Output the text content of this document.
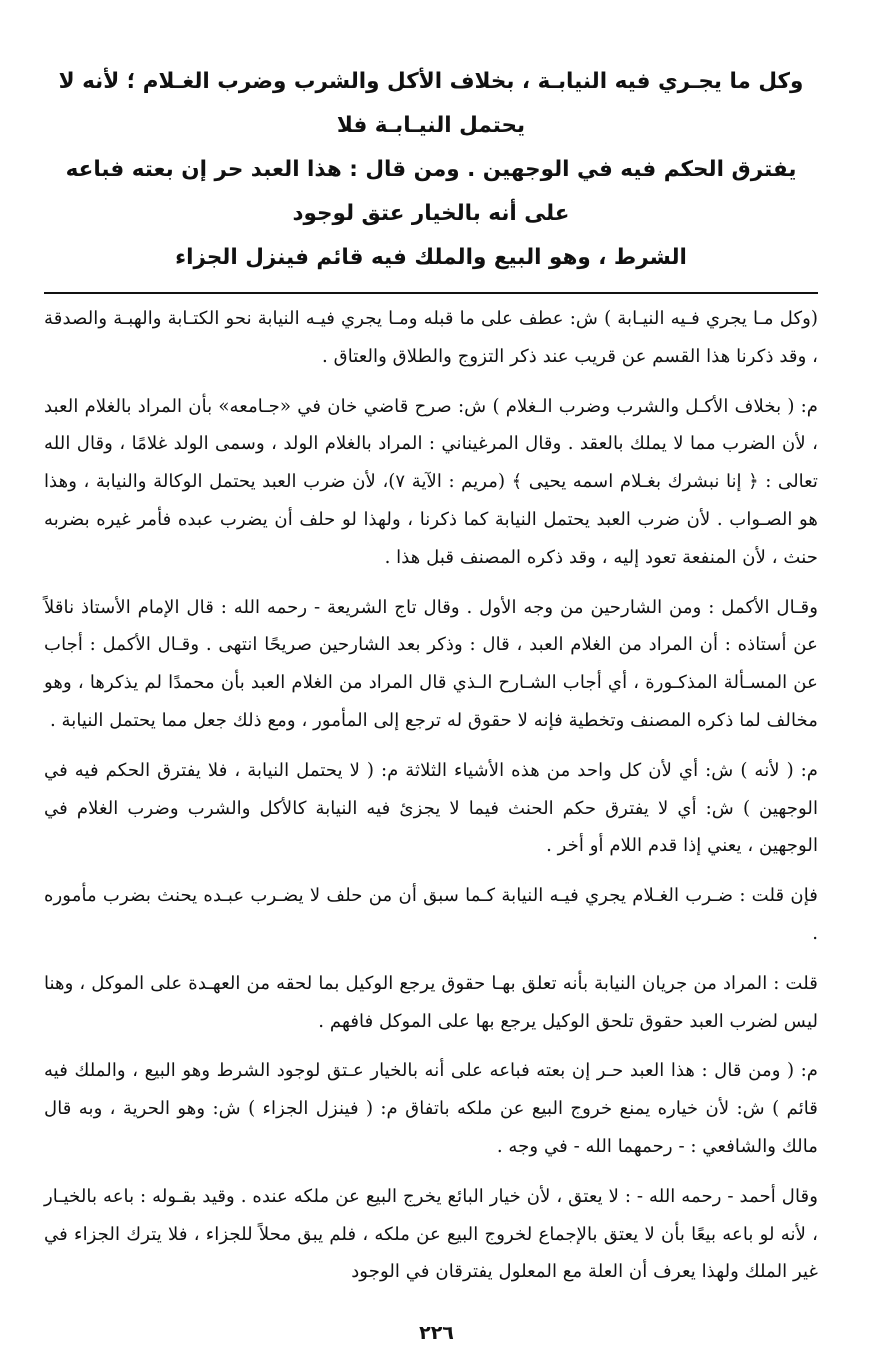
وكل ما يجـري فيه النيابـة ، بخلاف الأكل والشرب وضرب الغـلام ؛ لأنه لا يحتمل النيـابـة فلا

يفترق الحكم فيه في الوجهين . ومن قال : هذا العبد حر إن بعته فباعه على أنه بالخيار عتق لوجود

الشرط ، وهو البيع والملك فيه قائم فينزل الجزاء

(وكل مـا يجري فـيه النيـابة ) ش: عطف على ما قبله ومـا يجري فيـه النيابة نحو الكتـابة والهبـة والصدقة ، وقد ذكرنا هذا القسم عن قريب عند ذكر التزوج والطلاق والعتاق .

م: ( بخلاف الأكـل والشرب وضرب الـغلام ) ش: صرح قاضي خان في «جـامعه» بأن المراد بالغلام العبد ، لأن الضرب مما لا يملك بالعقد . وقال المرغيناني : المراد بالغلام الولد ، وسمى الولد غلامًا ، وقال الله تعالى : ﴿ إنا نبشرك بغـلام اسمه يحيى ﴾ (مريم : الآية ٧)، لأن ضرب العبد يحتمل الوكالة والنيابة ، وهذا هو الصـواب . لأن ضرب العبد يحتمل النيابة كما ذكرنا ، ولهذا لو حلف أن يضرب عبده فأمر غيره بضربه حنث ، لأن المنفعة تعود إليه ، وقد ذكره المصنف قبل هذا .

وقـال الأكمل : ومن الشارحين من وجه الأول . وقال تاج الشريعة - رحمه الله : قال الإمام الأستاذ ناقلاً عن أستاذه : أن المراد من الغلام العبد ، قال : وذكر بعد الشارحين صريحًا انتهى . وقـال الأكمل : أجاب عن المسـألة المذكـورة ، أي أجاب الشـارح الـذي قال المراد من الغلام العبد بأن محمدًا لم يذكرها ، وهو مخالف لما ذكره المصنف وتخطية فإنه لا حقوق له ترجع إلى المأمور ، ومع ذلك جعل مما يحتمل النيابة .

م: ( لأنه ) ش: أي لأن كل واحد من هذه الأشياء الثلاثة م: ( لا يحتمل النيابة ، فلا يفترق الحكم فيه في الوجهين ) ش: أي لا يفترق حكم الحنث فيما لا يجزئ فيه النيابة كالأكل والشرب وضرب الغلام في الوجهين ، يعني إذا قدم اللام أو أخر .

فإن قلت : ضـرب الغـلام يجري فيـه النيابة كـما سبق أن من حلف لا يضـرب عبـده يحنث بضرب مأموره .

قلت : المراد من جريان النيابة بأنه تعلق بهـا حقوق يرجع الوكيل بما لحقه من العهـدة على الموكل ، وهنا ليس لضرب العبد حقوق تلحق الوكيل يرجع بها على الموكل فافهم .

م: ( ومن قال : هذا العبد حـر إن بعته فباعه على أنه بالخيار عـتق لوجود الشرط وهو البيع ، والملك فيه قائم ) ش: لأن خياره يمنع خروج البيع عن ملكه باتفاق م: ( فينزل الجزاء ) ش: وهو الحرية ، وبه قال مالك والشافعي : - رحمهما الله - في وجه .

وقال أحمد - رحمه الله - : لا يعتق ، لأن خيار البائع يخرج البيع عن ملكه عنده . وقيد بقـوله : باعه بالخيـار ، لأنه لو باعه بيعًا بأن لا يعتق بالإجماع لخروج البيع عن ملكه ، فلم يبق محلاً للجزاء ، فلا يترك الجزاء في غير الملك ولهذا يعرف أن العلة مع المعلول يفترقان في الوجود

٢٢٦
